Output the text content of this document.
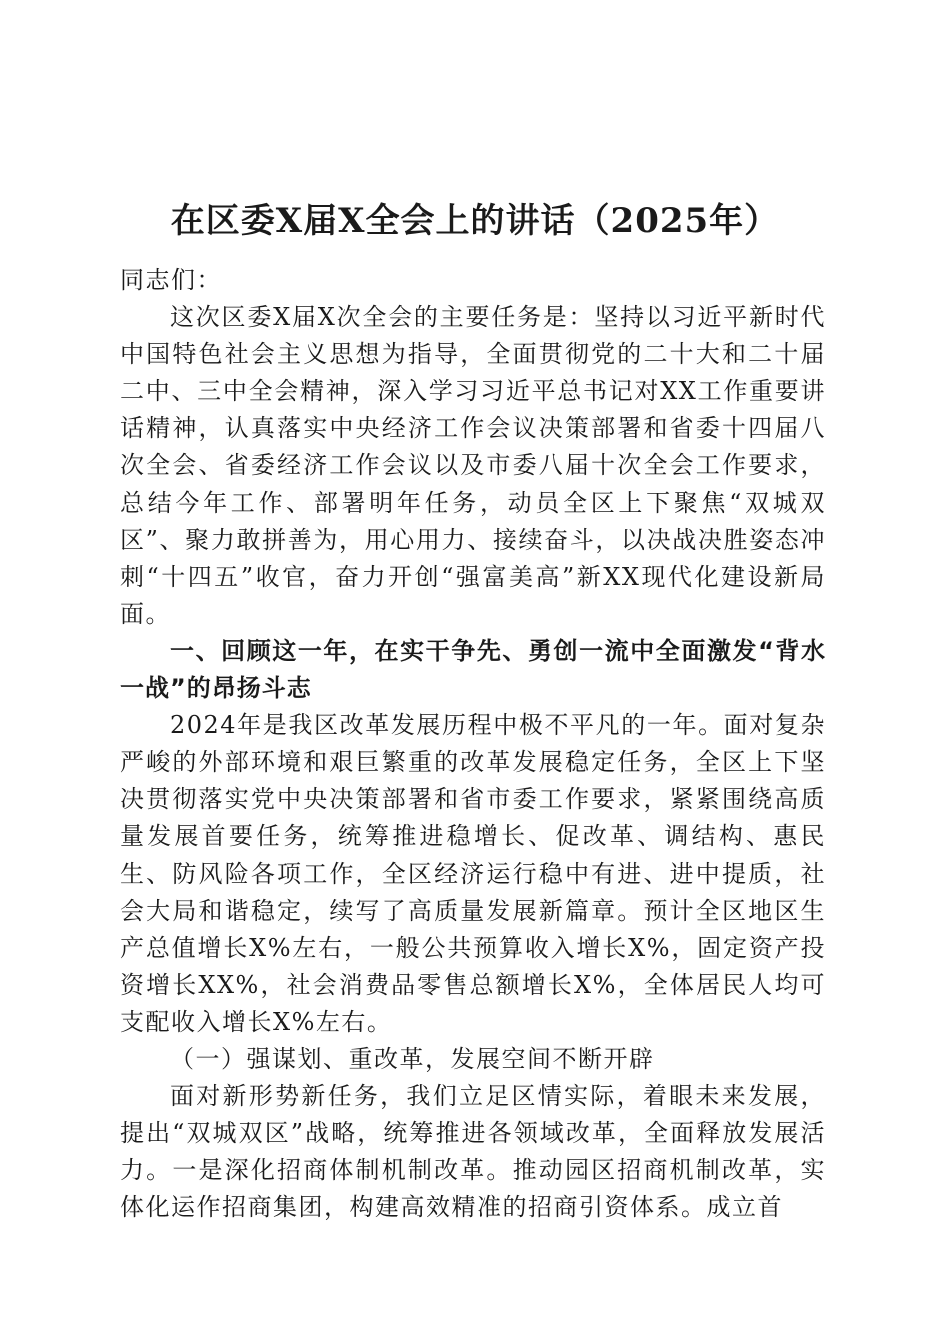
在区委X届X全会上的讲话（2025年）

同志们：

这次区委X届X次全会的主要任务是：坚持以习近平新时代中国特色社会主义思想为指导，全面贯彻党的二十大和二十届二中、三中全会精神，深入学习习近平总书记对XX工作重要讲话精神，认真落实中央经济工作会议决策部署和省委十四届八次全会、省委经济工作会议以及市委八届十次全会工作要求，总结今年工作、部署明年任务，动员全区上下聚焦“双城双区”、聚力敢拼善为，用心用力、接续奋斗，以决战决胜姿态冲刺“十四五”收官，奋力开创“强富美高”新XX现代化建设新局面。

一、回顾这一年，在实干争先、勇创一流中全面激发“背水一战”的昂扬斗志

2024年是我区改革发展历程中极不平凡的一年。面对复杂严峻的外部环境和艰巨繁重的改革发展稳定任务，全区上下坚决贯彻落实党中央决策部署和省市委工作要求，紧紧围绕高质量发展首要任务，统筹推进稳增长、促改革、调结构、惠民生、防风险各项工作，全区经济运行稳中有进、进中提质，社会大局和谐稳定，续写了高质量发展新篇章。预计全区地区生产总值增长X%左右，一般公共预算收入增长X%，固定资产投资增长XX%，社会消费品零售总额增长X%，全体居民人均可支配收入增长X%左右。

（一）强谋划、重改革，发展空间不断开辟

面对新形势新任务，我们立足区情实际，着眼未来发展，提出“双城双区”战略，统筹推进各领域改革，全面释放发展活力。一是深化招商体制机制改革。推动园区招商机制改革，实体化运作招商集团，构建高效精准的招商引资体系。成立首
